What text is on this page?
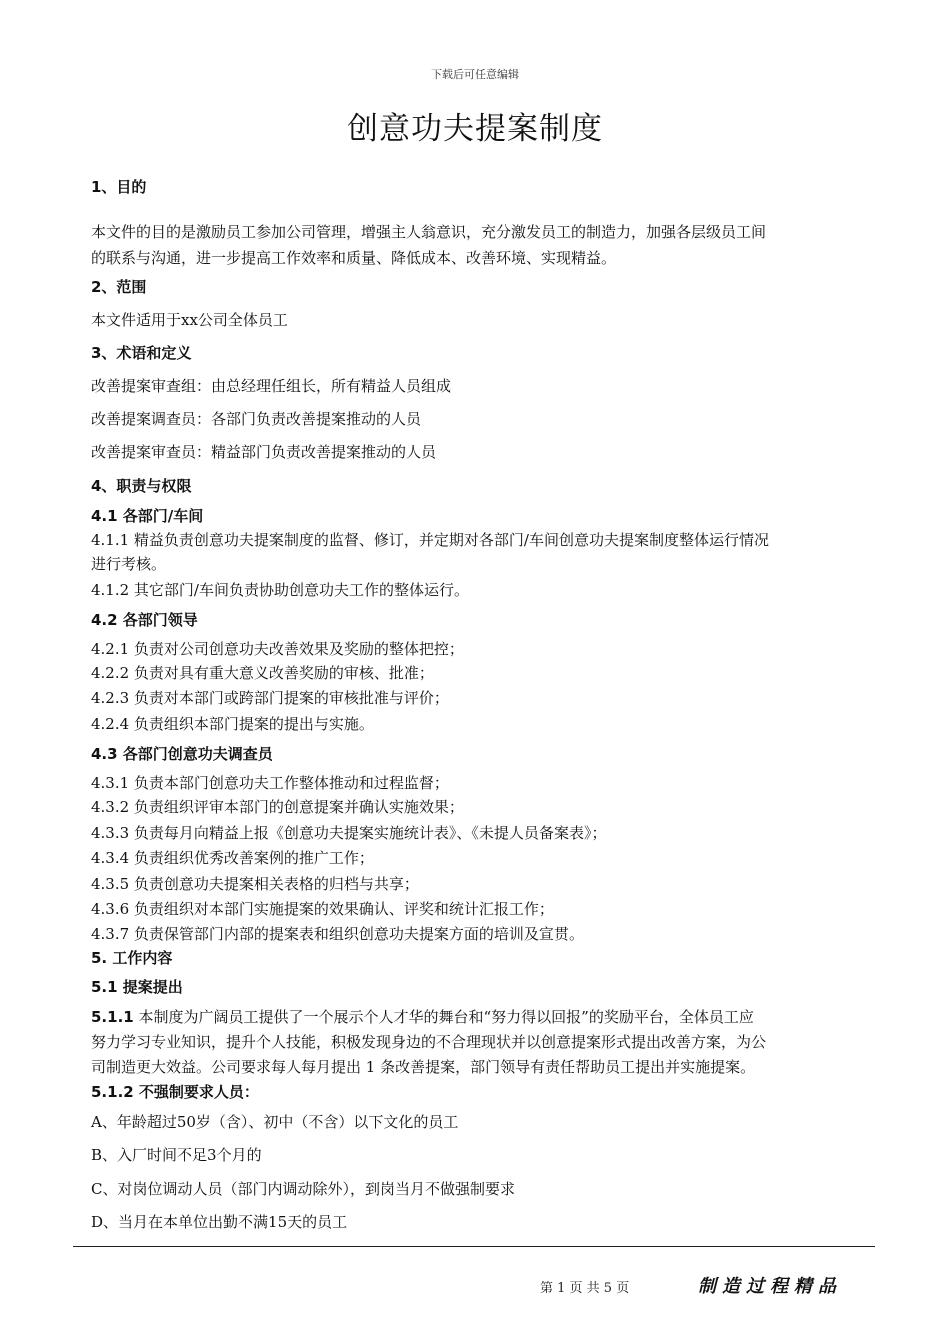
下载后可任意编辑
创意功夫提案制度
1、目的
本文件的目的是激励员工参加公司管理，增强主人翁意识，充分激发员工的制造力，加强各层级员工间
的联系与沟通，进一步提高工作效率和质量、降低成本、改善环境、实现精益。
2、范围
本文件适用于xx公司全体员工
3、术语和定义
改善提案审查组：由总经理任组长，所有精益人员组成
改善提案调查员：各部门负责改善提案推动的人员
改善提案审查员：精益部门负责改善提案推动的人员
4、职责与权限
4.1 各部门/车间
4.1.1 精益负责创意功夫提案制度的监督、修订，并定期对各部门/车间创意功夫提案制度整体运行情况
进行考核。
4.1.2 其它部门/车间负责协助创意功夫工作的整体运行。
4.2 各部门领导
4.2.1 负责对公司创意功夫改善效果及奖励的整体把控；
4.2.2 负责对具有重大意义改善奖励的审核、批准；
4.2.3 负责对本部门或跨部门提案的审核批准与评价；
4.2.4 负责组织本部门提案的提出与实施。
4.3 各部门创意功夫调查员
4.3.1 负责本部门创意功夫工作整体推动和过程监督；
4.3.2 负责组织评审本部门的创意提案并确认实施效果；
4.3.3 负责每月向精益上报《创意功夫提案实施统计表》、《未提人员备案表》；
4.3.4 负责组织优秀改善案例的推广工作；
4.3.5 负责创意功夫提案相关表格的归档与共享；
4.3.6 负责组织对本部门实施提案的效果确认、评奖和统计汇报工作；
4.3.7 负责保管部门内部的提案表和组织创意功夫提案方面的培训及宣贯。
5. 工作内容
5.1 提案提出
5.1.1 本制度为广阔员工提供了一个展示个人才华的舞台和“努力得以回报”的奖励平台，全体员工应
努力学习专业知识，提升个人技能，积极发现身边的不合理现状并以创意提案形式提出改善方案，为公
司制造更大效益。公司要求每人每月提出 1 条改善提案，部门领导有责任帮助员工提出并实施提案。
5.1.2 不强制要求人员：
A、年龄超过50岁（含）、初中（不含）以下文化的员工
B、入厂时间不足3个月的
C、对岗位调动人员（部门内调动除外），到岗当月不做强制要求
D、当月在本单位出勤不满15天的员工
第 1 页 共 5 页	制造过程精品
